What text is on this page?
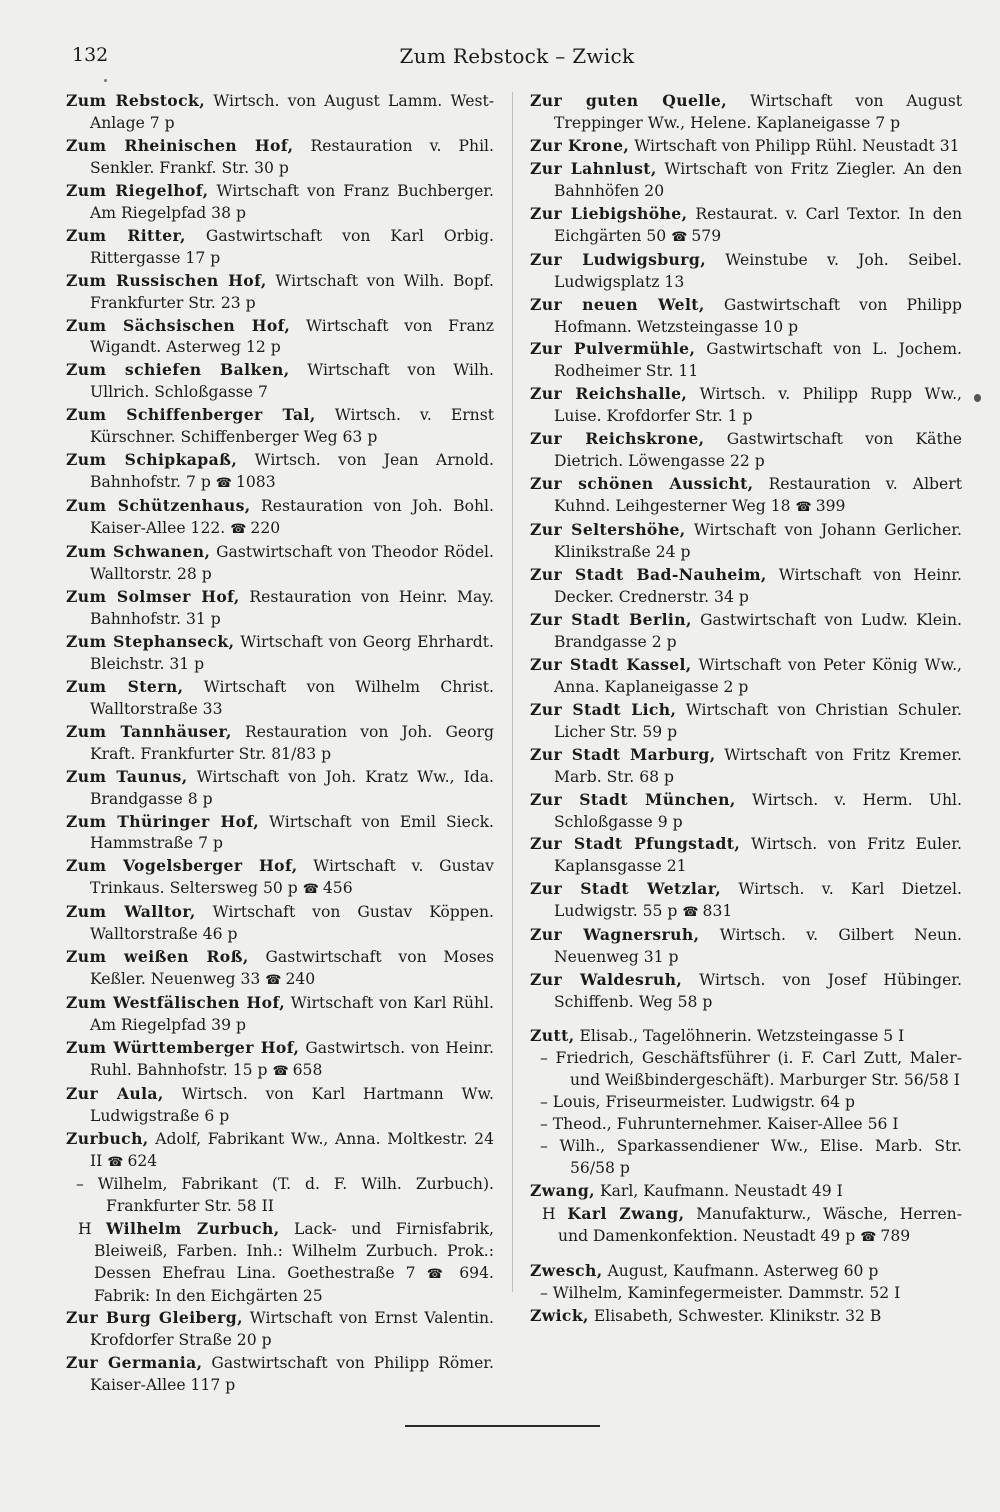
132	Zum Rebstock – Zwick
Zum Rebstock, Wirtsch. von August Lamm. West-Anlage 7 p
Zum Rheinischen Hof, Restauration v. Phil. Senkler. Frankf. Str. 30 p
Zum Riegelhof, Wirtschaft von Franz Buchberger. Am Riegelpfad 38 p
Zum Ritter, Gastwirtschaft von Karl Orbig. Rittergasse 17 p
Zum Russischen Hof, Wirtschaft von Wilh. Bopf. Frankfurter Str. 23 p
Zum Sächsischen Hof, Wirtschaft von Franz Wigandt. Asterweg 12 p
Zum schiefen Balken, Wirtschaft von Wilh. Ullrich. Schloßgasse 7
Zum Schiffenberger Tal, Wirtsch. v. Ernst Kürschner. Schiffenberger Weg 63 p
Zum Schipkapaß, Wirtsch. von Jean Arnold. Bahnhofstr. 7 p ☎ 1083
Zum Schützenhaus, Restauration von Joh. Bohl. Kaiser-Allee 122. ☎ 220
Zum Schwanen, Gastwirtschaft von Theodor Rödel. Walltorstr. 28 p
Zum Solmser Hof, Restauration von Heinr. May. Bahnhofstr. 31 p
Zum Stephanseck, Wirtschaft von Georg Ehrhardt. Bleichstr. 31 p
Zum Stern, Wirtschaft von Wilhelm Christ. Walltorstraße 33
Zum Tannhäuser, Restauration von Joh. Georg Kraft. Frankfurter Str. 81/83 p
Zum Taunus, Wirtschaft von Joh. Kratz Ww., Ida. Brandgasse 8 p
Zum Thüringer Hof, Wirtschaft von Emil Sieck. Hammstraße 7 p
Zum Vogelsberger Hof, Wirtschaft v. Gustav Trinkaus. Seltersweg 50 p ☎ 456
Zum Walltor, Wirtschaft von Gustav Köppen. Walltorstraße 46 p
Zum weißen Roß, Gastwirtschaft von Moses Keßler. Neuenweg 33 ☎ 240
Zum Westfälischen Hof, Wirtschaft von Karl Rühl. Am Riegelpfad 39 p
Zum Württemberger Hof, Gastwirtsch. von Heinr. Ruhl. Bahnhofstr. 15 p ☎ 658
Zur Aula, Wirtsch. von Karl Hartmann Ww. Ludwigstraße 6 p
Zurbuch, Adolf, Fabrikant Ww., Anna. Moltkestr. 24 II ☎ 624
– Wilhelm, Fabrikant (T. d. F. Wilh. Zurbuch). Frankfurter Str. 58 II
H Wilhelm Zurbuch, Lack- und Firnisfabrik, Bleiweiß, Farben. Inh.: Wilhelm Zurbuch. Prok.: Dessen Ehefrau Lina. Goethestraße 7 ☎ 694. Fabrik: In den Eichgärten 25
Zur Burg Gleiberg, Wirtschaft von Ernst Valentin. Krofdorfer Straße 20 p
Zur Germania, Gastwirtschaft von Philipp Römer. Kaiser-Allee 117 p
Zur guten Quelle, Wirtschaft von August Treppinger Ww., Helene. Kaplaneigasse 7 p
Zur Krone, Wirtschaft von Philipp Rühl. Neustadt 31
Zur Lahnlust, Wirtschaft von Fritz Ziegler. An den Bahnhöfen 20
Zur Liebigshöhe, Restaurat. v. Carl Textor. In den Eichgärten 50 ☎ 579
Zur Ludwigsburg, Weinstube v. Joh. Seibel. Ludwigsplatz 13
Zur neuen Welt, Gastwirtschaft von Philipp Hofmann. Wetzsteingasse 10 p
Zur Pulvermühle, Gastwirtschaft von L. Jochem. Rodheimer Str. 11
Zur Reichshalle, Wirtsch. v. Philipp Rupp Ww., Luise. Krofdorfer Str. 1 p
Zur Reichskrone, Gastwirtschaft von Käthe Dietrich. Löwengasse 22 p
Zur schönen Aussicht, Restauration v. Albert Kuhnd. Leihgesterner Weg 18 ☎ 399
Zur Seltershöhe, Wirtschaft von Johann Gerlicher. Klinikstraße 24 p
Zur Stadt Bad-Nauheim, Wirtschaft von Heinr. Decker. Crednerstr. 34 p
Zur Stadt Berlin, Gastwirtschaft von Ludw. Klein. Brandgasse 2 p
Zur Stadt Kassel, Wirtschaft von Peter König Ww., Anna. Kaplaneigasse 2 p
Zur Stadt Lich, Wirtschaft von Christian Schuler. Licher Str. 59 p
Zur Stadt Marburg, Wirtschaft von Fritz Kremer. Marb. Str. 68 p
Zur Stadt München, Wirtsch. v. Herm. Uhl. Schloßgasse 9 p
Zur Stadt Pfungstadt, Wirtsch. von Fritz Euler. Kaplansgasse 21
Zur Stadt Wetzlar, Wirtsch. v. Karl Dietzel. Ludwigstr. 55 p ☎ 831
Zur Wagnersruh, Wirtsch. v. Gilbert Neun. Neuenweg 31 p
Zur Waldesruh, Wirtsch. von Josef Hübinger. Schiffenb. Weg 58 p
Zutt, Elisab., Tagelöhnerin. Wetzsteingasse 5 I
– Friedrich, Geschäftsführer (i. F. Carl Zutt, Maler- und Weißbindergeschäft). Marburger Str. 56/58 I
– Louis, Friseurmeister. Ludwigstr. 64 p
– Theod., Fuhrunternehmer. Kaiser-Allee 56 I
– Wilh., Sparkassendiener Ww., Elise. Marb. Str. 56/58 p
Zwang, Karl, Kaufmann. Neustadt 49 I
H Karl Zwang, Manufakturw., Wäsche, Herren- und Damenkonfektion. Neustadt 49 p ☎ 789
Zwesch, August, Kaufmann. Asterweg 60 p
– Wilhelm, Kaminfegermeister. Dammstr. 52 I
Zwick, Elisabeth, Schwester. Klinikstr. 32 B
